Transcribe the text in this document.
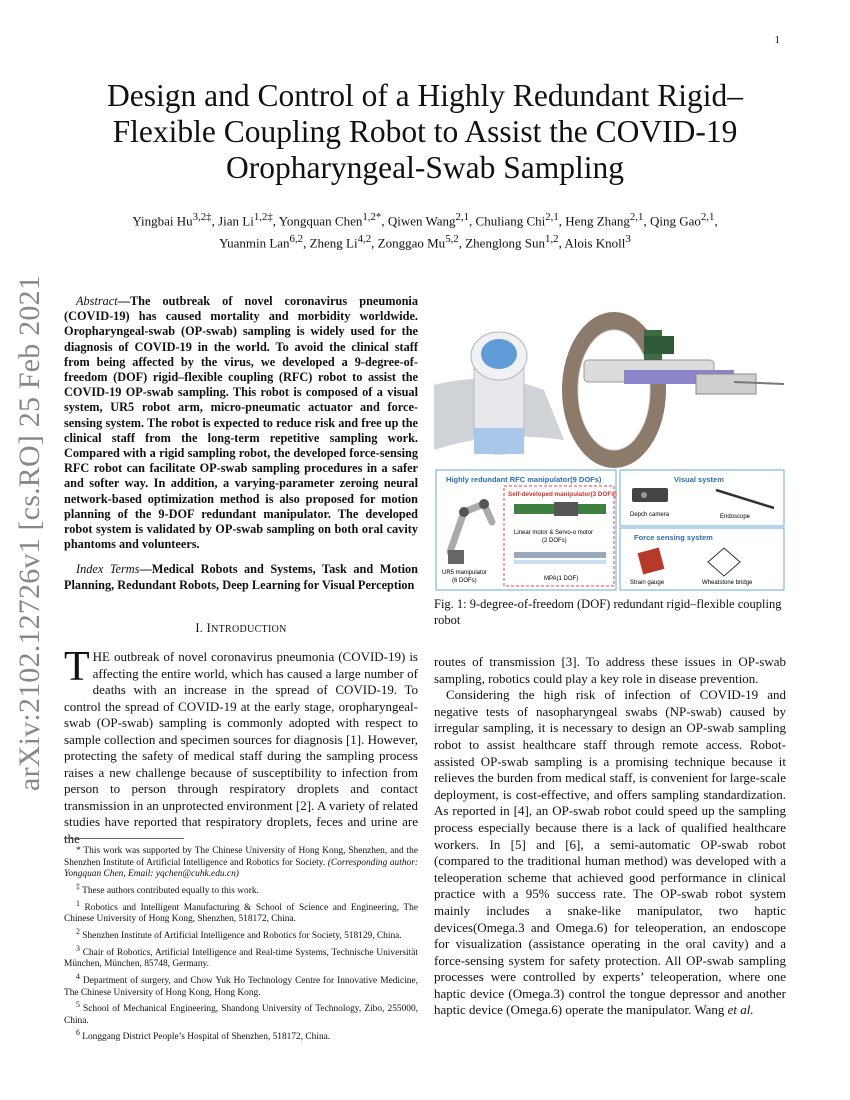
1
arXiv:2102.12726v1 [cs.RO] 25 Feb 2021
Design and Control of a Highly Redundant Rigid–Flexible Coupling Robot to Assist the COVID-19 Oropharyngeal-Swab Sampling
Yingbai $Hu^{3,2\ddagger}$, Jian $Li^{1,2\ddagger}$, Yongquan Chen$^{1,2*}$, Qiwen Wang$^{2,1}$, Chuliang Chi$^{2,1}$, Heng Zhang$^{2,1}$, Qing Gao$^{2,1}$,
Yuanmin Lan$^{6,2}$, Zheng Li$^{4,2}$, Zonggao Mu$^{5,2}$, Zhenglong Sun$^{1,2}$, Alois Knoll$^3$

Abstract—The outbreak of novel coronavirus pneumonia (COVID-19) has caused mortality and morbidity worldwide. Oropharyngeal-swab (OP-swab) sampling is widely used for the diagnosis of COVID-19 in the world. To avoid the clinical staff from being affected by the virus, we developed a 9-degree-of-freedom (DOF) rigid–flexible coupling (RFC) robot to assist the COVID-19 OP-swab sampling. This robot is composed of a visual system, UR5 robot arm, micro-pneumatic actuator and force-sensing system. The robot is expected to reduce risk and free up the clinical staff from the long-term repetitive sampling work. Compared with a rigid sampling robot, the developed force-sensing RFC robot can facilitate OP-swab sampling procedures in a safer and softer way. In addition, a varying-parameter zeroing neural network-based optimization method is also proposed for motion planning of the 9-DOF redundant manipulator. The developed robot system is validated by OP-swab sampling on both oral cavity phantoms and volunteers.

Index Terms—Medical Robots and Systems, Task and Motion Planning, Redundant Robots, Deep Learning for Visual Perception

I. INTRODUCTION

THE outbreak of novel coronavirus pneumonia (COVID-19) is affecting the entire world, which has caused a large number of deaths with an increase in the spread of COVID-19. To control the spread of COVID-19 at the early stage, oropharyngeal-swab (OP-swab) sampling is commonly adopted with respect to sample collection and specimen sources for diagnosis [1]. However, protecting the safety of medical staff during the sampling process raises a new challenge because of susceptibility to infection from person to person through respiratory droplets and contact transmission in an unprotected environment [2]. A variety of related studies have reported that respiratory droplets, feces and urine are the

* This work was supported by The Chinese University of Hong Kong, Shenzhen, and the Shenzhen Institute of Artificial Intelligence and Robotics for Society. (Corresponding author: Yongquan Chen, Email: yqchen@cuhk.edu.cn)

‡ These authors contributed equally to this work.

$^1$ Robotics and Intelligent Manufacturing & School of Science and Engineering, The Chinese University of Hong Kong, Shenzhen, 518172, China.

$^2$ Shenzhen Institute of Artificial Intelligence and Robotics for Society, 518129, China.

$^3$ Chair of Robotics, Artificial Intelligence and Real-time Systems, Technische Universität München, München, 85748, Germany.

$^4$ Department of surgery, and Chow Yuk Ho Technology Centre for Innovative Medicine, The Chinese University of Hong Kong, Hong Kong.

$^5$ School of Mechanical Engineering, Shandong University of Technology, Zibo, 255000, China.

$^6$ Longgang District People’s Hospital of Shenzhen, 518172, China.

Highly redundant RFC manipulator(9 DOFs)	Visual system
Force sensing system
Self-developed manipulator(3 DOFs)
UR5 manipulator
(6 DOFs)
Linear motor & Servo-o motor
(2 DOFs)
MPA(1 DOF)
Depch camera	Endoscope
Strain gauge	Wheatstone bridge
Fig. 1: 9-degree-of-freedom (DOF) redundant rigid–flexible coupling robot

routes of transmission [3]. To address these issues in OP-swab sampling, robotics could play a key role in disease prevention.

Considering the high risk of infection of COVID-19 and negative tests of nasopharyngeal swabs (NP-swab) caused by irregular sampling, it is necessary to design an OP-swab sampling robot to assist healthcare staff through remote access. Robot-assisted OP-swab sampling is a promising technique because it relieves the burden from medical staff, is convenient for large-scale deployment, is cost-effective, and offers sampling standardization. As reported in [4], an OP-swab robot could speed up the sampling process especially because there is a lack of qualified healthcare workers. In [5] and [6], a semi-automatic OP-swab robot (compared to the traditional human method) was developed with a teleoperation scheme that achieved good performance in clinical practice with a 95% success rate. The OP-swab robot system mainly includes a snake-like manipulator, two haptic devices(Omega.3 and Omega.6) for teleoperation, an endoscope for visualization (assistance operating in the oral cavity) and a force-sensing system for safety protection. All OP-swab sampling processes were controlled by experts’ teleoperation, where one haptic device (Omega.3) control the tongue depressor and another haptic device (Omega.6) operate the manipulator. Wang et al.
